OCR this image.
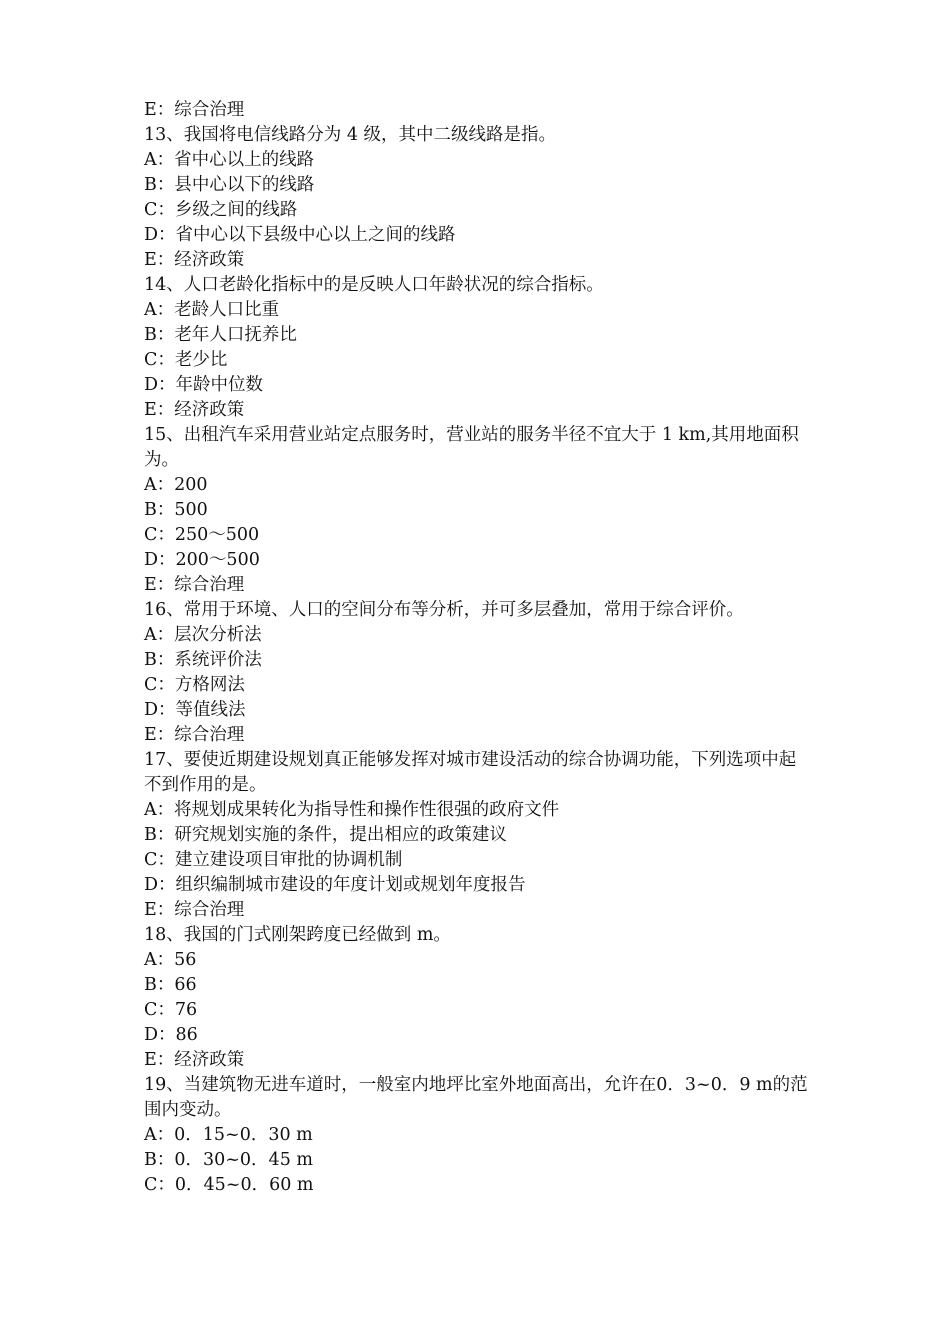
E：综合治理
13、我国将电信线路分为 4 级，其中二级线路是指。
A：省中心以上的线路
B：县中心以下的线路
C：乡级之间的线路
D：省中心以下县级中心以上之间的线路
E：经济政策
14、人口老龄化指标中的是反映人口年龄状况的综合指标。
A：老龄人口比重
B：老年人口抚养比
C：老少比
D：年龄中位数
E：经济政策
15、出租汽车采用营业站定点服务时，营业站的服务半径不宜大于 1 km,其用地面积为。
A：200
B：500
C：250～500
D：200～500
E：综合治理
16、常用于环境、人口的空间分布等分析，并可多层叠加，常用于综合评价。
A：层次分析法
B：系统评价法
C：方格网法
D：等值线法
E：综合治理
17、要使近期建设规划真正能够发挥对城市建设活动的综合协调功能，下列选项中起不到作用的是。
A：将规划成果转化为指导性和操作性很强的政府文件
B：研究规划实施的条件，提出相应的政策建议
C：建立建设项目审批的协调机制
D：组织编制城市建设的年度计划或规划年度报告
E：综合治理
18、我国的门式刚架跨度已经做到 m。
A：56
B：66
C：76
D：86
E：经济政策
19、当建筑物无进车道时，一般室内地坪比室外地面高出，允许在0．3~0．9 m的范围内变动。
A：0．15~0．30 m
B：0．30~0．45 m
C：0．45~0．60 m
